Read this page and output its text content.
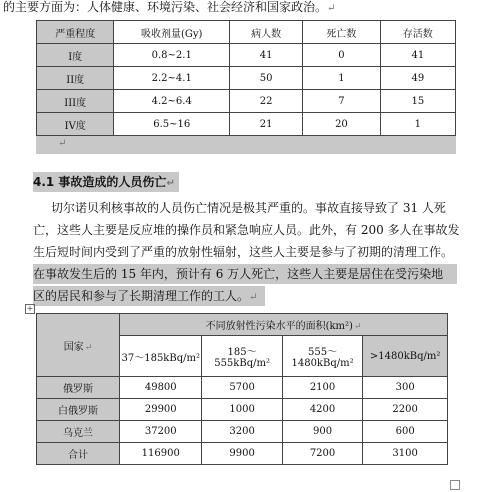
的主要方面为：人体健康、环境污染、社会经济和国家政治。↵
严重程度	吸收剂量(Gy)	病人数	死亡数	存活数
I度	0.8~2.1	41	0	41
II度	2.2~4.1	50	1	49
III度	4.2~6.4	22	7	15
IV度	6.5~16	21	20	1
↵
4.1 事故造成的人员伤亡↵
切尔诺贝利核事故的人员伤亡情况是极其严重的。事故直接导致了 31 人死
亡，这些人主要是反应堆的操作员和紧急响应人员。此外，有 200 多人在事故发
生后短时间内受到了严重的放射性辐射，这些人主要是参与了初期的清理工作。
在事故发生后的 15 年内，预计有 6 万人死亡，这些人主要是居住在受污染地
区的居民和参与了长期清理工作的工人。↵
+
国家↵	不同放射性污染水平的面积(km²)↵			
	37～185kBq/m²	185～
555kBq/m²	555～
1480kBq/m²	>1480kBq/m²

俄罗斯	49800	5700	2100	300
白俄罗斯	29900	1000	4200	2200
乌克兰	37200	3200	900	600
合计	116900	9900	7200	3100
